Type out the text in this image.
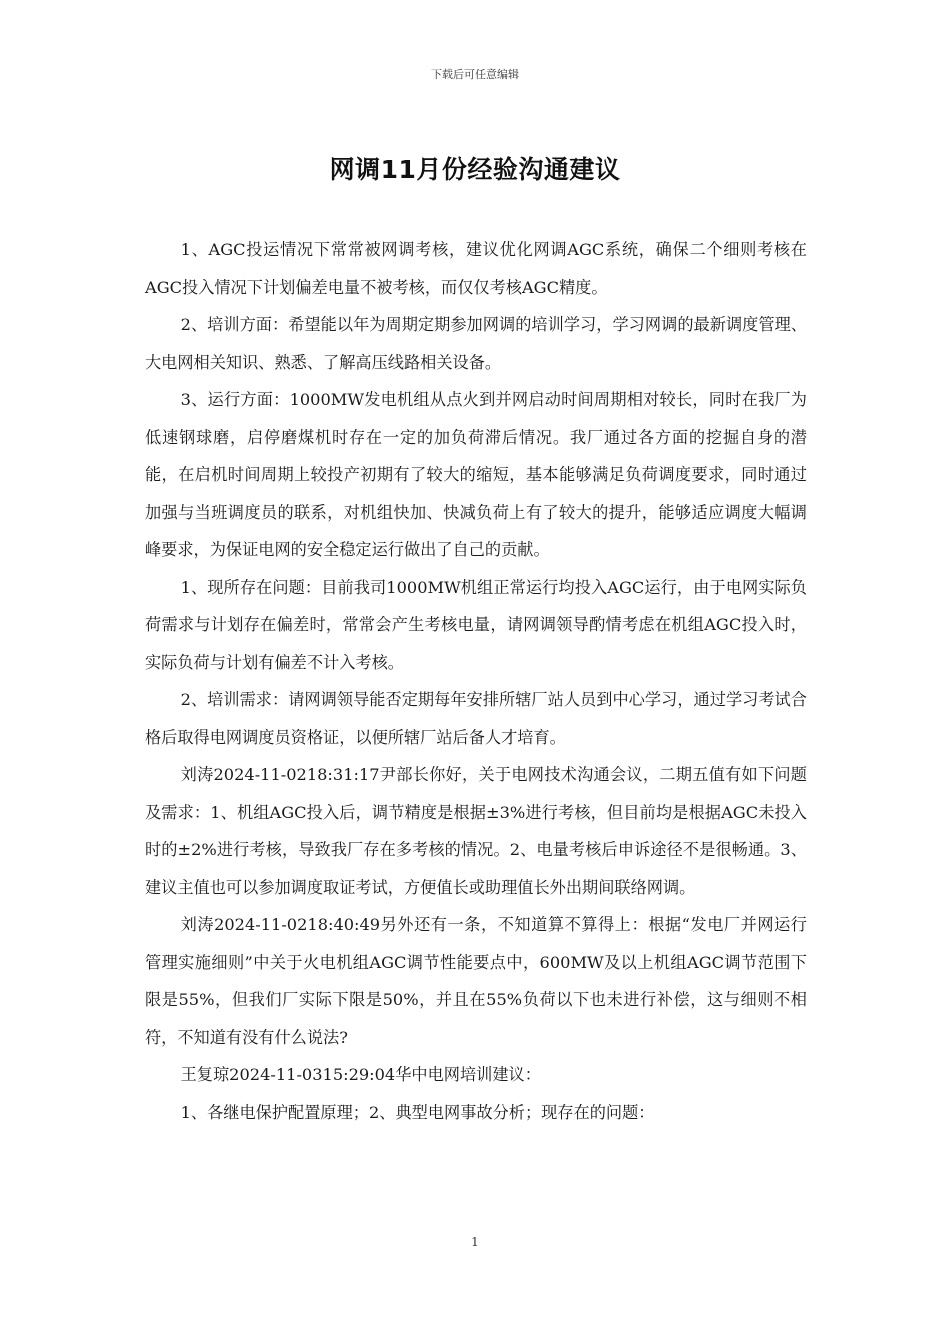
下载后可任意编辑
网调11月份经验沟通建议

1、AGC投运情况下常常被网调考核，建议优化网调AGC系统，确保二个细则考核在AGC投入情况下计划偏差电量不被考核，而仅仅考核AGC精度。

2、培训方面：希望能以年为周期定期参加网调的培训学习，学习网调的最新调度管理、大电网相关知识、熟悉、了解高压线路相关设备。

3、运行方面：1000MW发电机组从点火到并网启动时间周期相对较长，同时在我厂为低速钢球磨，启停磨煤机时存在一定的加负荷滞后情况。我厂通过各方面的挖掘自身的潜能，在启机时间周期上较投产初期有了较大的缩短，基本能够满足负荷调度要求，同时通过加强与当班调度员的联系，对机组快加、快减负荷上有了较大的提升，能够适应调度大幅调峰要求，为保证电网的安全稳定运行做出了自己的贡献。

1、现所存在问题：目前我司1000MW机组正常运行均投入AGC运行，由于电网实际负荷需求与计划存在偏差时，常常会产生考核电量，请网调领导酌情考虑在机组AGC投入时，实际负荷与计划有偏差不计入考核。

2、培训需求：请网调领导能否定期每年安排所辖厂站人员到中心学习，通过学习考试合格后取得电网调度员资格证，以便所辖厂站后备人才培育。

刘涛2024-11-0218:31:17尹部长你好，关于电网技术沟通会议，二期五值有如下问题及需求：1、机组AGC投入后，调节精度是根据±3%进行考核，但目前均是根据AGC未投入时的±2%进行考核，导致我厂存在多考核的情况。2、电量考核后申诉途径不是很畅通。3、建议主值也可以参加调度取证考试，方便值长或助理值长外出期间联络网调。

刘涛2024-11-0218:40:49另外还有一条，不知道算不算得上：根据“发电厂并网运行管理实施细则”中关于火电机组AGC调节性能要点中，600MW及以上机组AGC调节范围下限是55%，但我们厂实际下限是50%，并且在55%负荷以下也未进行补偿，这与细则不相符，不知道有没有什么说法?

王复琼2024-11-0315:29:04华中电网培训建议：

1、各继电保护配置原理；2、典型电网事故分析；现存在的问题：

1
